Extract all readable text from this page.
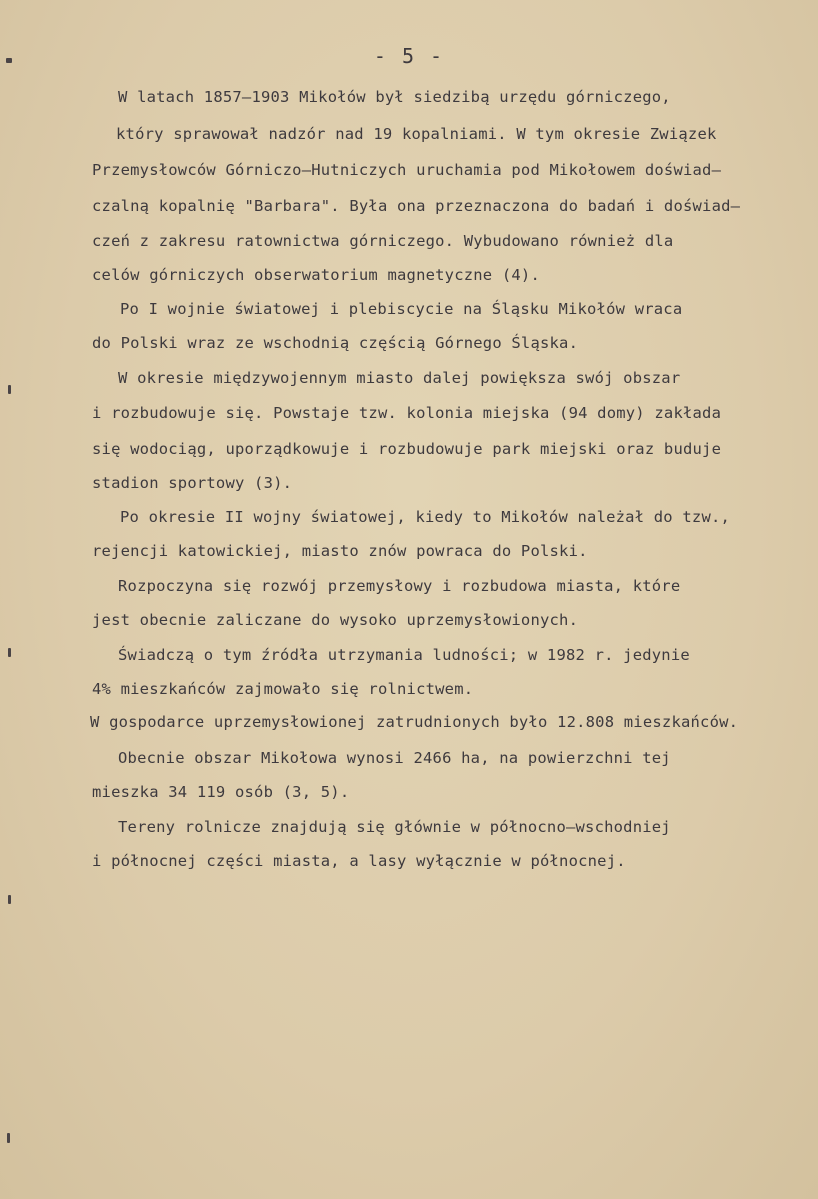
- 5 -
W latach 1857–1903 Mikołów był siedzibą urzędu górniczego,
który sprawował nadzór nad 19 kopalniami. W tym okresie Związek
Przemysłowców Górniczo–Hutniczych uruchamia pod Mikołowem doświad–
czalną kopalnię "Barbara". Była ona przeznaczona do badań i doświad–
czeń z zakresu ratownictwa górniczego. Wybudowano również dla
celów górniczych obserwatorium magnetyczne (4).
Po I wojnie światowej i plebiscycie na Śląsku Mikołów wraca
do Polski wraz ze wschodnią częścią Górnego Śląska.
W okresie międzywojennym miasto dalej powiększa swój obszar
i rozbudowuje się. Powstaje tzw. kolonia miejska (94 domy) zakłada
się wodociąg, uporządkowuje i rozbudowuje park miejski oraz buduje
stadion sportowy (3).
Po okresie II wojny światowej, kiedy to Mikołów należał do tzw.,
rejencji katowickiej, miasto znów powraca do Polski.
Rozpoczyna się rozwój przemysłowy i rozbudowa miasta, które
jest obecnie zaliczane do wysoko uprzemysłowionych.
Świadczą o tym źródła utrzymania ludności; w 1982 r. jedynie
4% mieszkańców zajmowało się rolnictwem.
W gospodarce uprzemysłowionej zatrudnionych było 12.808 mieszkańców.
Obecnie obszar Mikołowa wynosi 2466 ha, na powierzchni tej
mieszka 34 119 osób (3, 5).
Tereny rolnicze znajdują się głównie w północno–wschodniej
i północnej części miasta, a lasy wyłącznie w północnej.
